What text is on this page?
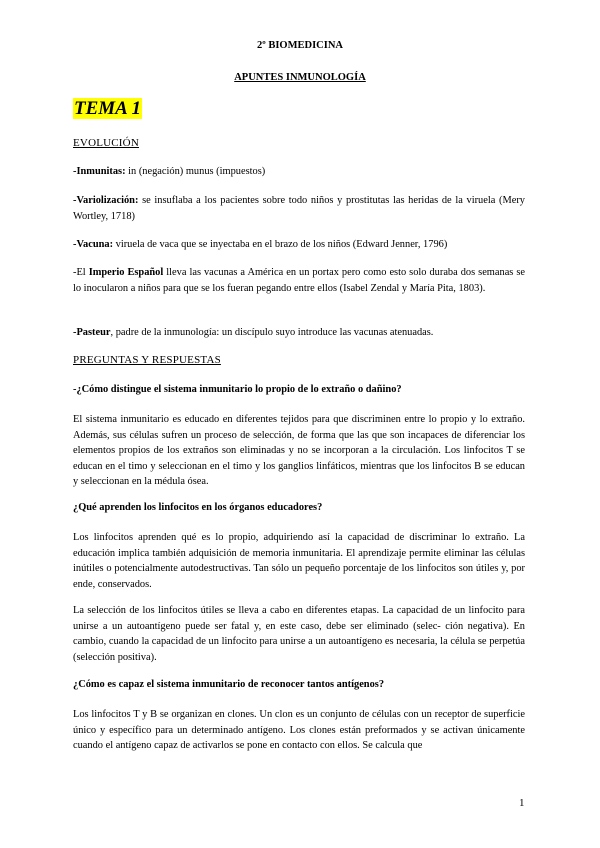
2º BIOMEDICINA
APUNTES INMUNOLOGÍA
TEMA 1
EVOLUCIÓN

-Inmunitas: in (negación) munus (impuestos)

-Variolización: se insuflaba a los pacientes sobre todo niños y prostitutas las heridas de la viruela (Mery Wortley, 1718)

-Vacuna: viruela de vaca que se inyectaba en el brazo de los niños (Edward Jenner, 1796)

-El Imperio Español lleva las vacunas a América en un portax pero como esto solo duraba dos semanas se lo inocularon a niños para que se los fueran pegando entre ellos (Isabel Zendal y María Pita, 1803).

-Pasteur, padre de la inmunología: un discípulo suyo introduce las vacunas atenuadas.

PREGUNTAS Y RESPUESTAS

-¿Cómo distingue el sistema inmunitario lo propio de lo extraño o dañino?

El sistema inmunitario es educado en diferentes tejidos para que discriminen entre lo propio y lo extraño. Además, sus células sufren un proceso de selección, de forma que las que son incapaces de diferenciar los elementos propios de los extraños son eliminadas y no se incorporan a la circulación. Los linfocitos T se educan en el timo y seleccionan en el timo y los ganglios linfáticos, mientras que los linfocitos B se educan y seleccionan en la médula ósea.

¿Qué aprenden los linfocitos en los órganos educadores?

Los linfocitos aprenden qué es lo propio, adquiriendo así la capacidad de discriminar lo extraño. La educación implica también adquisición de memoria inmunitaria. El aprendizaje permite eliminar las células inútiles o potencialmente autodestructivas. Tan sólo un pequeño porcentaje de los linfocitos son útiles y, por ende, conservados.

La selección de los linfocitos útiles se lleva a cabo en diferentes etapas. La capacidad de un linfocito para unirse a un autoantígeno puede ser fatal y, en este caso, debe ser eliminado (selec- ción negativa). En cambio, cuando la capacidad de un linfocito para unirse a un autoantígeno es necesaria, la célula se perpetúa (selección positiva).

¿Cómo es capaz el sistema inmunitario de reconocer tantos antígenos?

Los linfocitos T y B se organizan en clones. Un clon es un conjunto de células con un receptor de superficie único y específico para un determinado antígeno. Los clones están preformados y se activan únicamente cuando el antígeno capaz de activarlos se pone en contacto con ellos. Se calcula que

1
